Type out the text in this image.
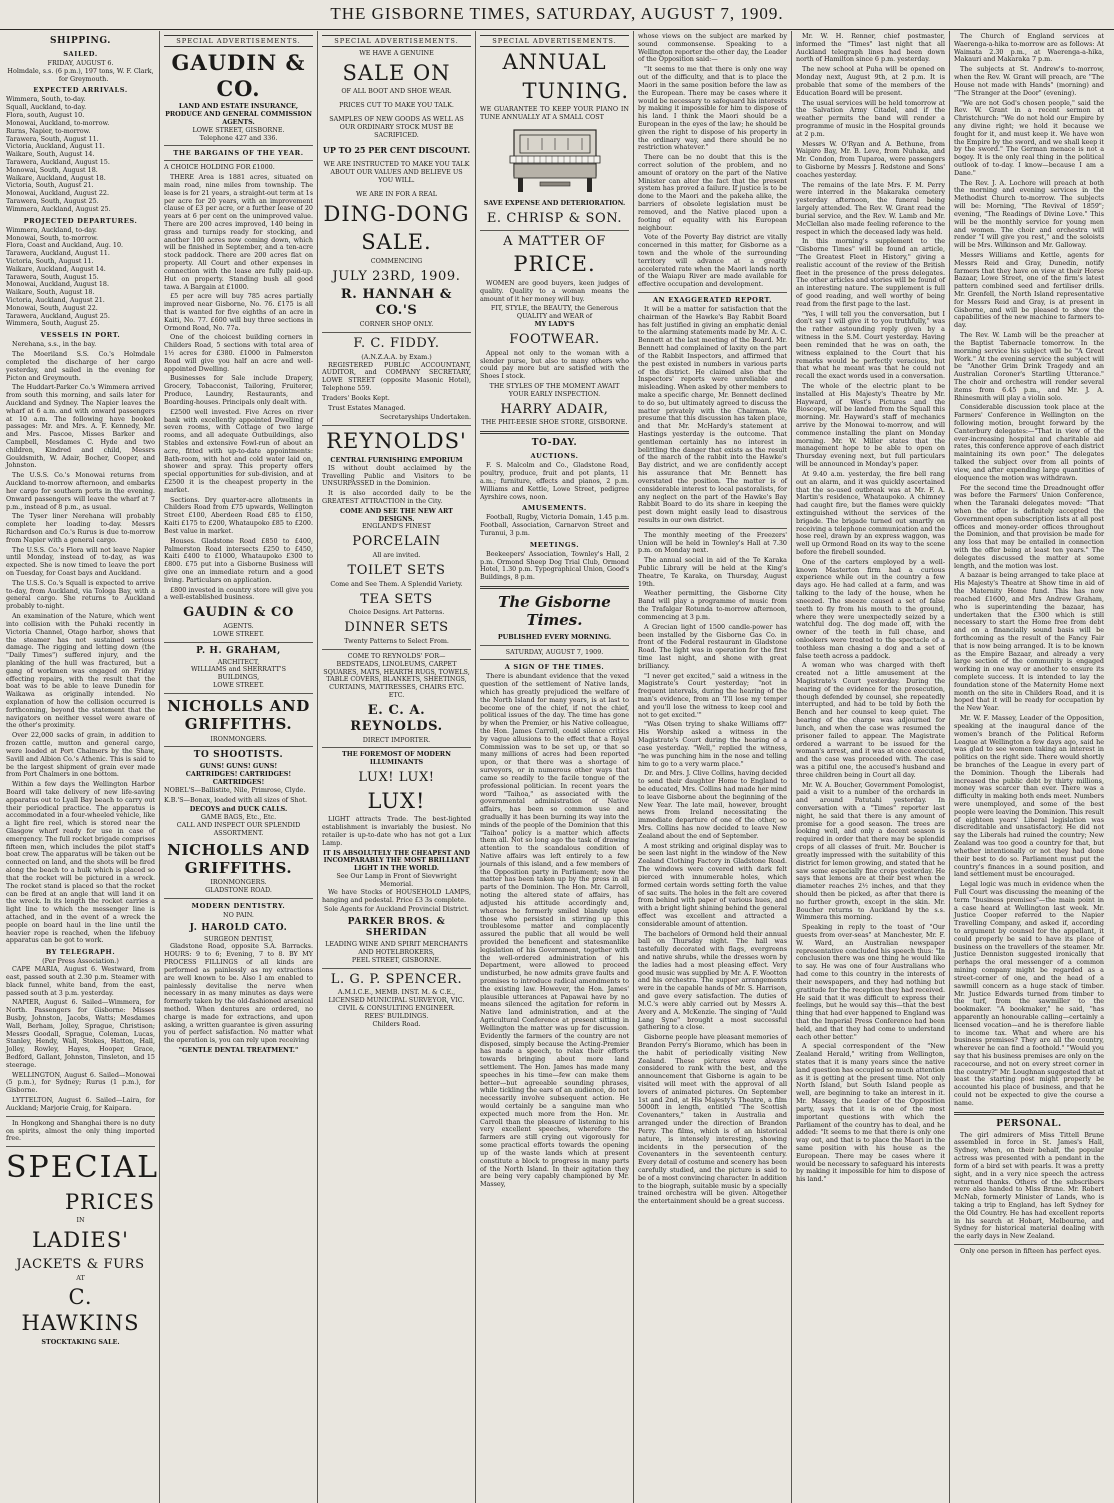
THE GISBORNE TIMES, SATURDAY, AUGUST 7, 1909.
SHIPPING.
SAILED.
FRIDAY, AUGUST 6.
Holmdale, s.s. (6 p.m.), 197 tons, W. F. Clark, for Greymouth.
EXPECTED ARRIVALS.
Wimmera, South, to-day.
Squall, Auckland, to-day.
Flora, south, August 10.
Monowai, Auckland, to-morrow.
Rurns, Napier, to-morrow.
Tarawera, South, August 11.
Victoria, Auckland, August 11.
Waikare, South, August 14.
Tarawera, Auckland, August 15.
Monowai, South, August 18.
Waikare, Auckland, August 18.
Victoria, South, August 21.
Monowai, Auckland, August 22.
Tarawera, South, August 25.
Wimmera, Auckland, August 25.
PROJECTED DEPARTURES.
Wimmera, Auckland, to-day.
Monowai, South, to-morrow.
Flora, Coast and Auckland, Aug. 10.
Tarawera, Auckland, August 11.
Victoria, South, August 11.
Waikare, Auckland, August 14.
Tarawera, South, August 15.
Monowai, Auckland, August 18.
Waikare, South, August 18.
Victoria, Auckland, August 21.
Monowai, South, August 22.
Tarawera, Auckland, August 25.
Wimmera, South, August 25.
VESSELS IN PORT.

Nerehana, s.s., in the bay.

The Moeriland S.S. Co.'s Holmdale completed the discharge of her cargo yesterday, and sailed in the evening for Picton and Greymouth.

The Huddart-Parker Co.'s Wimmera arrived from south this morning, and sails later for Auckland and Sydney. The Napier leaves the wharf at 6 a.m. and with onward passengers at 10 a.m. The following have booked passages: Mr. and Mrs. A. F. Kennedy, Mr. and Mrs. Pascoe, Misses Barker and Campbell, Mesdames C. Hyde and two children, Kindred and child, Messrs Gouldsmith, W. Adair, Bocher, Cooper, and Johnston.

The U.S.S. Co.'s Monowai returns from Auckland to-morrow afternoon, and embarks her cargo for southern ports in the evening. Onward passengers will leave the wharf at 7 p.m., instead of 8 p.m., as usual.

The Tyser liner Nerehana will probably complete her loading to-day. Messrs Richardson and Co.'s Rurus is due to-morrow from Napier with a general cargo.

The U.S.S. Co.'s Flora will not leave Napier until Monday, instead of to-day, as was expected. She is now timed to leave the port on Tuesday, for Coast bays and Auckland.

The U.S.S. Co.'s Squall is expected to arrive to-day, from Auckland, via Tologa Bay, with a general cargo. She returns to Auckland probably to-night.

An examination of the Nature, which went into collision with the Puhaki recently in Victoria Channel, Otago harbor, shows that the steamer has not sustained serious damage. The rigging and letting down (the "Daily Times") suffered injury, and the planking of the hull was fractured, but a gang of workmen was engaged on Friday effecting repairs, with the result that the boat was to be able to leave Dunedin for Waikawa as originally intended. No explanation of how the collision occurred is forthcoming, beyond the statement that the navigators on neither vessel were aware of the other's proximity.

Over 22,000 sacks of grain, in addition to frozen cattle, mutton and general cargo, were loaded at Port Chalmers by the Shaw, Savill and Albion Co.'s Athenic. This is said to be the largest shipment of grain ever made from Port Chalmers in one bottom.

Within a few days the Wellington Harbor Board will take delivery of new life-saving apparatus out to Lyall Bay beach to carry out their periodical practice. The apparatus is accommodated in a four-wheeled vehicle, like a light fire reel, which is stored near the Glasgow wharf ready for use in case of emergency. The full rocket brigade comprises fifteen men, which includes the pilot staff's boat crew. The apparatus will be taken out be connected on land, and the shots will be fired along the beach to a hulk which is placed so that the rocket will be pictured in a wreck. The rocket stand is placed so that the rocket can be fired at an angle that will land it on the wreck. In its length the rocket carries a light line to which the messenger line is attached, and in the event of a wreck the people on board haul in the line until the heavier rope is reached, when the lifebuoy apparatus can be got to work.

BY TELEGRAPH.
(Per Press Association.)

CAPE MARIA, August 6. Westward, from east, passed south at 2.30 p.m. Steamer with black funnel, white band, from the east, passed south at 3 p.m. yesterday.

NAPIER, August 6. Sailed—Wimmera, for North. Passengers for Gisborne: Misses Busby, Johnston, Jacobs, Watts; Mesdames Wall, Berham, Jolley, Sprague, Christison; Messrs Goodall, Sprague, Coleman, Lucas, Stanley, Hendy, Wall, Stokes, Hatton, Hall, Jolley, Rowley, Hayes, Hooper, Grace, Bedford, Gallant, Johnston, Tinsleton, and 15 steerage.

WELLINGTON, August 6. Sailed—Monowai (5 p.m.), for Sydney; Rurus (1 p.m.), for Gisborne.

LYTTELTON, August 6. Sailed—Laira, for Auckland; Marjorie Craig, for Kaipara.

In Hongkong and Shanghai there is no duty on spirits, almost the only thing imported free.

SPECIAL
PRICES
IN
LADIES'
JACKETS & FURS
AT
C. HAWKINS
STOCKTAKING SALE.
SPECIAL ADVERTISEMENTS.
GAUDIN & CO.
LAND AND ESTATE INSURANCE, PRODUCE AND GENERAL COMMISSION AGENTS.
LOWE STREET, GISBORNE.
Telephone 427 and 336.
THE BARGAINS OF THE YEAR.

A CHOICE HOLDING FOR £1000.

THERE Area is 1881 acres, situated on main road, nine miles from township. The lease is for 21 years, a straight-out term at 1s per acre for 20 years, with an improvement clause of £3 per acre, or a further lease of 20 years at 6 per cent on the unimproved value. There are 200 acres improved, 140 being in grass and turnips ready for stocking, and another 100 acres now coming down, which will be finished in September, and a ten-acre stock paddock. There are 200 acres flat on property. All Court and other expenses in connection with the lease are fully paid-up. Hut on property. Standing bush all good tawa. A Bargain at £1000.

£5 per acre will buy 785 acres partially improved near Gisborne, No. 76. £175 is all that is wanted for five eighths of an acre in Kaiti, No. 77. £600 will buy three sections in Ormond Road, No. 77a.

One of the choicest building corners in Childers Road, 5 sections with total area of 1½ acres for £380. £1000 in Palmerston Road will give you half an acre and well-appointed Dwelling.

Businesses for Sale include Drapery, Grocery, Tobacconist, Tailoring, Fruiterer, Produce, Laundry, Restaurants, and Boarding-houses. Principals only dealt with.

£2500 well invested. Five Acres on river bank with excellently appointed Dwelling of seven rooms, with Cottage of two large rooms, and all adequate Outbuildings, also Stables and extensive Fowl-run of about an acre, fitted with up-to-date appointments: Bath-room, with hot and cold water laid on, shower and spray. This property offers special opportunities for sub-division, and at £2500 it is the cheapest property in the market.

Sections. Dry quarter-acre allotments in Childers Road from £75 upwards, Wellington Street £100, Aberdeen Road £85 to £150, Kaiti £175 to £200, Whataupoko £85 to £200. Best value in market.

Houses. Gladstone Road £850 to £400, Palmerston Road intersects £250 to £450, Kaiti £400 to £1000, Whataupoko £300 to £800. £75 put into a Gisborne Business will give one an immediate return and a good living. Particulars on application.

£800 invested in country store will give you a well-established business.

GAUDIN & CO
AGENTS.
LOWE STREET.
P. H. GRAHAM,
ARCHITECT,
WILLIAMS and SHERRATT'S
BUILDINGS,
LOWE STREET.
NICHOLLS AND GRIFFITHS.
IRONMONGERS.
TO SHOOTISTS.
GUNS! GUNS! GUNS!
CARTRIDGES! CARTRIDGES! CARTRIDGES!

NOBEL'S—Ballistite, Nile, Primrose, Clyde.

K.B.'S—Bonax, loaded with all sizes of Shot.

DECOYS and DUCK CALLS.
GAME BAGS, Etc., Etc.
CALL AND INSPECT OUR SPLENDID ASSORTMENT.
NICHOLLS AND GRIFFITHS.
IRONMONGERS.
GLADSTONE ROAD.
MODERN DENTISTRY.
NO PAIN.
J. HAROLD CATO.
SURGEON DENTIST,

Gladstone Road, opposite S.A. Barracks. HOURS: 9 to 6; Evening, 7 to 8. BY MY PROCESS FILLINGS of all kinds are performed as painlessly as my extractions are well known to be. Also I am enabled to painlessly devitalise the nerve when necessary in as many minutes as days were formerly taken by the old-fashioned arsenical method. When dentures are ordered, no charge is made for extractions, and upon asking, a written guarantee is given assuring you of perfect satisfaction. No matter what the operation is, you can rely upon receiving

"GENTLE DENTAL TREATMENT."
SPECIAL ADVERTISEMENTS.
WE HAVE A GENUINE
SALE ON
OF ALL BOOT AND SHOE WEAR.
PRICES CUT TO MAKE YOU TALK.
SAMPLES OF NEW GOODS AS WELL AS OUR ORDINARY STOCK MUST BE SACRIFICED.
UP TO 25 PER CENT DISCOUNT.
WE ARE INSTRUCTED TO MAKE YOU TALK ABOUT OUR VALUES AND BELIEVE US YOU WILL.
WE ARE IN FOR A REAL
DING-DONG
SALE.
COMMENCING
JULY 23RD, 1909.
R. HANNAH & CO.'S
CORNER SHOP ONLY.
F. C. FIDDY.
(A.N.Z.A.A. by Exam.)

REGISTERED PUBLIC ACCOUNTANT, AUDITOR, and COMPANY SECRETARY, LOWE STREET (opposite Masonic Hotel), Telephone 559.

Traders' Books Kept.

Trust Estates Managed.

Secretaryships Undertaken.

REYNOLDS'
CENTRAL FURNISHING EMPORIUM

IS without doubt acclaimed by the Travelling Public and Visitors to be UNSURPASSED in the Dominion.

It is also accorded daily to be the GREATEST ATTRACTION in the City.

COME AND SEE THE NEW ART DESIGNS.
ENGLAND'S FINEST
PORCELAIN
All are invited.
TOILET SETS
Come and See Them. A Splendid Variety.
TEA SETS
Choice Designs. Art Patterns.
DINNER SETS
Twenty Patterns to Select From.
COME TO REYNOLDS' FOR—
BEDSTEADS, LINOLEUMS, CARPET SQUARES, MATS, HEARTH RUGS, TOWELS, TABLE COVERS, BLANKETS, SHEETINGS, CURTAINS, MATTRESSES, CHAIRS ETC. ETC.
E. C. A. REYNOLDS.
DIRECT IMPORTER.
THE FOREMOST OF MODERN ILLUMINANTS
LUX! LUX!
LUX!

LIGHT attracts Trade. The best-lighted establishment is invariably the busiest. No retailer is up-to-date who has not got a Lux Lamp.

IT IS ABSOLUTELY THE CHEAPEST AND INCOMPARABLY THE MOST BRILLIANT LIGHT IN THE WORLD.
See Our Lamp in Front of Sievwright Memorial.

We have Stocks of HOUSEHOLD LAMPS, hanging and pedestal. Price £3 3s complete.

Sole Agents for Auckland Provincial District.
PARKER BROS. & SHERIDAN
LEADING WINE AND SPIRIT MERCHANTS AND HOTELBROKERS,
PEEL STREET, GISBORNE.
L. G. P. SPENCER.
A.M.I.C.E., MEMB. INST. M. & C.E.,
LICENSED MUNICIPAL SURVEYOR, VIC.
CIVIL & CONSULTING ENGINEER.
REES' BUILDINGS.
Childers Road.
SPECIAL ADVERTISEMENTS.
ANNUAL
TUNING.

WE GUARANTEE TO KEEP YOUR PIANO IN TUNE ANNUALLY AT A SMALL COST

SAVE EXPENSE AND DETERIORATION.
E. CHRISP & SON.
A MATTER OF
PRICE.

WOMEN are good buyers, keen judges of quality. Quality to a woman means the amount of it her money will buy.

FIT, STYLE, the BEAUTY, the Generous QUALITY and WEAR of
MY LADY'S
FOOTWEAR.

Appeal not only to the woman with a slender purse, but also to many others who could pay more but are satisfied with the Shoes I stock.

THE STYLES OF THE MOMENT AWAIT YOUR EARLY INSPECTION.
HARRY ADAIR,
THE PHIT-EESIE SHOE STORE, GISBORNE.
TO-DAY.
AUCTIONS.

F. S. Malcolm and Co., Gladstone Road, poultry, produce, fruit and pot plants, 11 a.m.; furniture, effects and pianos, 2 p.m. Williams and Kettle, Lowe Street, pedigree Ayrshire cows, noon.

AMUSEMENTS.

Football, Rugby, Victoria Domain, 1.45 p.m. Football, Association, Carnarvon Street and Turanui, 3 p.m.

MEETINGS.

Beekeepers' Association, Townley's Hall, 2 p.m. Ormond Sheep Dog Trial Club, Ormond Hotel, 1.30 p.m. Typographical Union, Good's Buildings, 8 p.m.

The Gisborne Times.
PUBLISHED EVERY MORNING.
SATURDAY, AUGUST 7, 1909.
A SIGN OF THE TIMES.

There is abundant evidence that the vexed question of the settlement of Native lands, which has greatly prejudiced the welfare of the North Island for many years, is at last to become one of the chief, if not the chief, political issues of the day. The time has gone by when the Premier, or his Native colleague, the Hon. James Carroll, could silence critics by vague allusions to the effect that a Royal Commission was to be set up, or that so many millions of acres had been reported upon, or that there was a shortage of surveyors, or in numerous other ways that came so readily to the facile tongue of the professional politician. In recent years the word "Taihoa," as associated with the governmental administration of Native affairs, has been so common use and gradually it has been burning its way into the minds of the people of the Dominion that this "Taihoa" policy is a matter which affects them all. Not so long ago the task of drawing attention to the scandalous condition of Native affairs was left entirely to a few journals of this island, and a few members of the Opposition party in Parliament; now the matter has been taken up by the press in all parts of the Dominion. The Hon. Mr. Carroll, noting the altered state of affairs, has adjusted his attitude accordingly and, whereas he formerly smiled blandly upon those who persisted in stirring up this troublesome matter and complacently assured the public that all would be well provided the beneficent and statesmanlike legislation of his Government, together with the well-ordered administration of his Department, were allowed to proceed undisturbed, he now admits grave faults and promises to introduce radical amendments to the existing law. However, the Hon. James' plausible utterances at Papawai have by no means silenced the agitation for reform in Native land administration, and at the Agricultural Conference at present sitting in Wellington the matter was up for discussion. Evidently the farmers of the country are not disposed, simply because the Acting-Premier has made a speech, to relax their efforts towards bringing about more land settlement. The Hon. James has made many speeches in his time—few can make them better—but agreeable sounding phrases, while tickling the ears of an audience, do not necessarily involve subsequent action. He would certainly be a sanguine man who expected much more from the Hon. Mr. Carroll than the pleasure of listening to his very excellent speeches, wherefore the farmers are still crying out vigorously for some practical efforts towards the opening up of the waste lands which at present constitute a block to progress in many parts of the North Island. In their agitation they are being very capably championed by Mr. Massey,

whose views on the subject are marked by sound commonsense. Speaking to a Wellington reporter the other day, the Leader of the Opposition said:—

"It seems to me that there is only one way out of the difficulty, and that is to place the Maori in the same position before the law as the European. There may be cases where it would be necessary to safeguard his interests by making it impossible for him to dispose of his land. I think the Maori should be a European in the eyes of the law; he should be given the right to dispose of his property in the ordinary way, and there should be no restriction whatever."

There can be no doubt that this is the correct solution of the problem, and no amount of oratory on the part of the Native Minister can alter the fact that the present system has proved a failure. If justice is to be done to the Maori and the pakeha alike, the barriers of obsolete legislation must be removed, and the Native placed upon a footing of equality with his European neighbour.

Vote of the Poverty Bay district are vitally concerned in this matter, for Gisborne as a town and the whole of the surrounding territory will advance at a greatly accelerated rate when the Maori lands north of the Waiapu River are made available for effective occupation and development.

AN EXAGGERATED REPORT.

It will be a matter for satisfaction that the chairman of the Hawke's Bay Rabbit Board has felt justified in giving an emphatic denial to the alarming statements made by Mr. A. C. Bennett at the last meeting of the Board. Mr. Bennett had complained of laxity on the part of the Rabbit Inspectors, and affirmed that the pest existed in numbers in various parts of the district. He claimed also that the Inspectors' reports were unreliable and misleading. When asked by other members to make a specific charge, Mr. Bennett declined to do so, but ultimately agreed to discuss the matter privately with the Chairman. We presume that this discussion has taken place, and that Mr. McHardy's statement at Hastings yesterday is the outcome. That gentleman certainly has no interest in belittling the danger that exists as the result of the march of the rabbit into the Hawke's Bay district, and we are confidently accept his assurance that Mr. Bennett has overstated the position. The matter is of considerable interest to local pastoralists, for any neglect on the part of the Hawke's Bay Rabbit Board to do its share in keeping the pest down might easily lead to disastrous results in our own district.

The monthly meeting of the Freezers' Union will be held in Townley's Hall at 7.30 p.m. on Monday next.

The annual social in aid of the Te Karaka Public Library will be held at the King's Theatre, Te Karaka, on Thursday, August 19th.

Weather permitting, the Gisborne City Band will play a programme of music from the Trafalgar Rotunda to-morrow afternoon, commencing at 3 p.m.

A Grecian light of 1500 candle-power has been installed by the Gisborne Gas Co. in front of the Federal restaurant in Gladstone Road. The light was in operation for the first time last night, and shone with great brilliancy.

"I never get excited," said a witness in the Magistrate's Court yesterday; "not in frequent intervals, during the hearing of the man's evidence, from an 'I'll lose my temper and you'll lose the witness to keep cool and not to get excited.'"

"Was Olsen trying to shake Williams off?" His Worship asked a witness in the Magistrate's Court during the hearing of a case yesterday. "Well," replied the witness, "he was punching him in the nose and telling him to go to a very warm place."

Dr. and Mrs. J. Clive Collins, having decided to send their daughter Home to England to be educated, Mrs. Collins had made her mind to leave Gisborne about the beginning of the New Year. The late mail, however, brought news from Ireland necessitating the immediate departure of one of the other, so Mrs. Collins has now decided to leave New Zealand about the end of September.

A most striking and original display was to be seen last night in the window of the New Zealand Clothing Factory in Gladstone Road. The windows were covered with dark felt pierced with innumerable holes, which formed certain words setting forth the value of sac suits. The holes in the felt are covered from behind with paper of various hues, and with a bright light shining behind the general effect was excellent and attracted a considerable amount of attention.

The bachelors of Ormond held their annual ball on Thursday night. The hall was tastefully decorated with flags, evergreens and native shrubs, while the dresses worn by the ladies had a most pleasing effect. Very good music was supplied by Mr. A. F. Wootton and his orchestra. The supper arrangements were in the capable hands of Mr. S. Harrison, and gave every satisfaction. The duties of M.C.'s were ably carried out by Messrs A. Avery and A. McKenzie. The singing of "Auld Lang Syne" brought a most successful gathering to a close.

Gisborne people have pleasant memories of Brandon Perry's Bioramo, which has been in the habit of periodically visiting New Zealand. These pictures were always considered to rank with the best, and the announcement that Gisborne is again to be visited will meet with the approval of all lovers of animated pictures. On September 1st and 2nd, at His Majesty's Theatre, a film 5000ft in length, entitled "The Scottish Covenanters," taken in Australia and arranged under the direction of Brandon Perry. The films, which is of an historical nature, is intensely interesting, showing incidents in the persecution of the Covenanters in the seventeenth century. Every detail of costume and scenery has been carefully studied, and the picture is said to be of a most convincing character. In addition to the biograph, suitable music by a specially trained orchestra will be given. Altogether the entertainment should be a great success.

Mr. W. H. Renner, chief postmaster, informed the "Times" last night that all Auckland telegraph lines had been down north of Hamilton since 6 p.m. yesterday.

The new school at Puha will be opened on Monday next, August 9th, at 2 p.m. It is probable that some of the members of the Education Board will be present.

The usual services will be held tomorrow at the Salvation Army Citadel, and if the weather permits the band will render a programme of music in the Hospital grounds at 2 p.m.

Messrs W. O'Ryan and A. Bethune, from Waipiro Bay, Mr. B. Leve, from Nuhaka, and Mr. Condon, from Tuparoa, were passengers to Gisborne by Messrs J. Redstone and Sons' coaches yesterday.

The remains of the late Mrs. F. M. Perry were interred in the Makaraka cemetery yesterday afternoon, the funeral being largely attended. The Rev. W. Grant read the burial service, and the Rev. W. Lamb and Mr. McClellan also made feeling reference to the respect in which the deceased lady was held.

In this morning's supplement to the "Gisborne Times" will be found an article, "The Greatest Fleet in History," giving a realistic account of the review of the British fleet in the presence of the press delegates. The other articles and stories will be found of an interesting nature. The supplement is full of good reading, and well worthy of being read from the first page to the last.

"Yes, I will tell you the conversation, but I don't say I will give it to you truthfully," was the rather astounding reply given by a witness in the S.M. Court yesterday. Having been reminded that he was on oath, the witness explained to the Court that his remarks would be perfectly veracious, but that what he meant was that he could not recall the exact words used in a conversation.

The whole of the electric plant to be installed at His Majesty's Theatre by Mr. Hayward, of West's Pictures and the Bioscope, will be landed from the Squall this morning. Mr. Hayward's staff of mechanics arrive by the Monowai to-morrow, and will commence installing the plant on Monday morning. Mr. W. Miller states that the management hope to be able to open on Thursday evening next, but full particulars will be announced in Monday's paper.

At 9.40 a.m. yesterday, the fire bell rang out an alarm, and it was quickly ascertained that the so-used outbreak was at Mr. F. A. Martin's residence, Whataupoko. A chimney had caught fire, but the flames were quickly extinguished without the services of the brigade. The brigade turned out smartly on receiving a telephone communication and the hose reel, drawn by an express waggon, was well up Ormond Road on its way to the scene before the firebell sounded.

One of the carters employed by a well-known Masterton firm had a curious experience while out in the country a few days ago. He had called at a farm, and was talking to the lady of the house, when he sneezed. The sneeze caused a set of false teeth to fly from his mouth to the ground, where they were unexpectedly seized by a watchful dog. The dog made off, with the owner of the teeth in full chase, and onlookers were treated to the spectacle of a toothless man chasing a dog and a set of false teeth across a paddock.

A woman who was charged with theft created not a little amusement at the Magistrate's Court yesterday. During the hearing of the evidence for the prosecution, though defended by counsel, she repeatedly interrupted, and had to be told by both the Bench and her counsel to keep quiet. The hearing of the charge was adjourned for lunch, and when the case was resumed the prisoner failed to appear. The Magistrate ordered a warrant to be issued for the woman's arrest, and it was at once executed, and the case was proceeded with. The case was a pitiful one, the accused's husband and three children being in Court all day.

Mr. W. A. Boucher, Government Pomologist, paid a visit to a number of the orchards in and around Patutahi yesterday. In conversation with a "Times" reporter last night, he said that there is any amount of promise for a good season. The trees are looking well, and only a decent season is required in order that there may be splendid crops of all classes of fruit. Mr. Boucher is greatly impressed with the suitability of this district for lemon growing, and stated that he saw some especially fine crops yesterday. He says that lemons are at their best when the diameter reaches 2½ inches, and that they should then be picked, as after that there is no further growth, except in the skin. Mr. Boucher returns to Auckland by the s.s. Wimmera this morning.

Speaking in reply to the toast of "Our guests from over-seas" at Manchester, Mr. F. W. Ward, an Australian newspaper representative concluded his speech thus: "In conclusion there was one thing he would like to say. He was one of four Australians who had come to this country in the interests of their newspapers, and they had nothing but gratitude for the reception they had received. He said that it was difficult to express their feelings, but he would say this—that the best thing that had ever happened to England was that the Imperial Press Conference had been held, and that they had come to understand each other better."

A special correspondent of the "New Zealand Herald," writing from Wellington, states that it is many years since the native land question has occupied so much attention as it is getting at the present time. Not only North Island, but South Island people as well, are beginning to take an interest in it. Mr. Massey, the Leader of the Opposition party, says that it is one of the most important questions with which the Parliament of the country has to deal, and he added: "It seems to me that there is only one way out, and that is to place the Maori in the same position with his house as the European. There may be cases where it would be necessary to safeguard his interests by making it impossible for him to dispose of his land."

The Church of England services at Waerenga-a-hika to-morrow are as follows: At Waimata 2.30 p.m., at Waerenga-a-hika, Makauri and Makaraka 7 p.m.

The subjects at St. Andrew's to-morrow, when the Rev. W. Grant will preach, are "The House not made with Hands" (morning) and "The Stranger at the Door" (evening).

"We are not God's chosen people," said the Rev. W. Grant in a recent sermon at Christchurch: "We do not hold our Empire by any divine right; we hold it because we fought for it, and must keep it. We have won the Empire by the sword, and we shall keep it by the sword." The German menace is not a bogey. It is the only real thing in the political outlook of to-day. I know—because I am a Dane."

The Rev. J. A. Lochore will preach at both the morning and evening services in the Methodist Church to-morrow. The subjects will be: Morning, "The Revival of 1859"; evening, "The Readings of Divine Love." This will be the monthly service for young men and women. The choir and orchestra will render "I will give you rest," and the soloists will be Mrs. Wilkinson and Mr. Galloway.

Messrs Williams and Kettle, agents for Messrs Reid and Gray, Dunedin, notify farmers that they have on view at their Horse Bazaar, Lowe Street, one of the firm's latest pattern combined seed and fertiliser drills. Mr. Grenfell, the North Island representative for Messrs Reid and Gray, is at present in Gisborne, and will be pleased to show the capabilities of the new machine to farmers to-day.

The Rev. W. Lamb will be the preacher at the Baptist Tabernacle tomorrow. In the morning service his subject will be "A Great Work." At the evening service the subject will be "Another Grim Drink Tragedy and an Australian Coroner's Startling Utterance." The choir and orchestra will render several items from 6.45 p.m., and Mr. J. A. Rhinesmith will play a violin solo.

Considerable discussion took place at the Farmers' Conference in Wellington on the following motion, brought forward by the Canterbury delegates:—"That in view of the ever-increasing hospital and charitable aid rates, this conference approve of each district maintaining its own poor." The delegates talked the subject over from all points of view, and after expending large quantities of eloquence the motion was withdrawn.

For the second time the Dreadnought offer was before the Farmers' Union Conference, when the Taranaki delegates moved: "That when the offer is definitely accepted the Government open subscription lists at all post offices and money-order offices throughout the Dominion, and that provision be made for any loss that may be entailed in connection with the offer being at least ten years." The delegates discussed the matter at some length, and the motion was lost.

A bazaar is being arranged to take place at His Majesty's Theatre at Show time in aid of the Maternity Home fund. This has now reached £1600, and Mrs Andrew Graham, who is superintending the bazaar, has undertaken that the £300 which is still necessary to start the Home free from debt and on a financially sound basis will be forthcoming as the result of the Fancy Fair that is now being arranged. It is to be known as the Empire Bazaar, and already a very large section of the community is engaged working in one way or another to ensure its complete success. It is intended to lay the foundation stone of the Maternity Home next month on the site in Childers Road, and it is hoped that it will be ready for occupation by the New Year.

Mr. W. F. Massey, Leader of the Opposition, speaking at the inaugural dance of the women's branch of the Political Reform League at Wellington a few days ago, said he was glad to see women taking an interest in politics on the right side. There would shortly be branches of the League in every part of the Dominion. Though the Liberals had increased the public debt by thirty millions, money was scarcer than ever. There was a difficulty in making both ends meet. Numbers were unemployed, and some of the best people were leaving the Dominion. This result of eighteen years' Liberal legislation was discreditable and unsatisfactory. He did not say the Liberals had ruined the country; New Zealand was too good a country for that, but whether intentionally or not they had done their best to do so. Parliament must put the country's finances in a sound position, and land settlement must be encouraged.

Legal logic was much in evidence when the Full Court was discussing the meaning of the term "business premises"—the main point in a case heard at Wellington last week. Mr. Justice Cooper referred to the Napier Travelling Company, and asked if, according to argument by counsel for the appellant, it could properly be said to have its place of business on the travellers of the steamer. Mr. Justice Denniston suggested ironically that perhaps the oral messenger of a common mining company might be regarded as a street-corner of one, and the head of a sawmill concern as a huge stack of timber. Mr. Justice Edwards turned from timber to the turf, from the sawmiller to the bookmaker. "A bookmaker," he said, "has apparently an honourable calling—certainly a licensed vocation—and he is therefore liable to income tax. What and where are his business premises? They are all the country, wherever he can find a foothold." "Would you say that his business premises are only on the racecourse, and not on every street corner in the country?" Mr. Loughnan suggested that at least the starting post might properly be accounted his place of business, and that he could not be expected to give the course a name.

PERSONAL.

The girl admirers of Miss Tittell Brune assembled in force in St. James's Hall, Sydney, when, on their behalf, the popular actress was presented with a pendant in the form of a bird set with pearls. It was a pretty sight, and in a very nice speech the actress returned thanks. Others of the subscribers were also handed to Miss Brune. Mr. Robert McNab, formerly Minister of Lands, who is taking a trip to England, has left Sydney for the Old Country. He has had excellent reports in his search at Hobart, Melbourne, and Sydney for historical material dealing with the early days in New Zealand.

Only one person in fifteen has perfect eyes.
